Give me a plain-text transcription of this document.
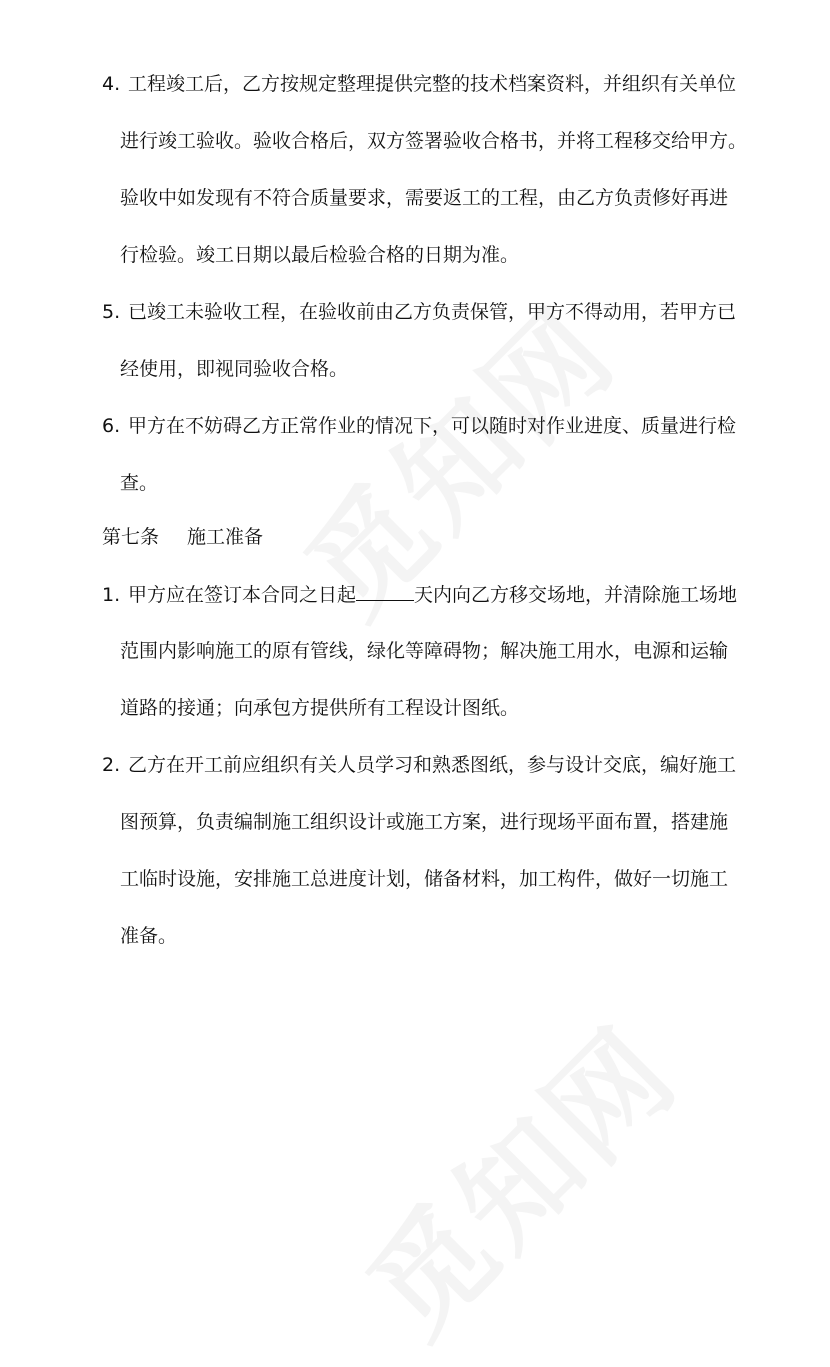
4. 工程竣工后，乙方按规定整理提供完整的技术档案资料，并组织有关单位
进行竣工验收。验收合格后，双方签署验收合格书，并将工程移交给甲方。
验收中如发现有不符合质量要求，需要返工的工程，由乙方负责修好再进
行检验。竣工日期以最后检验合格的日期为准。
5. 已竣工未验收工程，在验收前由乙方负责保管，甲方不得动用，若甲方已
经使用，即视同验收合格。
6. 甲方在不妨碍乙方正常作业的情况下，可以随时对作业进度、质量进行检
查。
第七条 施工准备
1. 甲方应在签订本合同之日起	天内向乙方移交场地，并清除施工场地
范围内影响施工的原有管线，绿化等障碍物；解决施工用水，电源和运输
道路的接通；向承包方提供所有工程设计图纸。
2. 乙方在开工前应组织有关人员学习和熟悉图纸，参与设计交底，编好施工
图预算，负责编制施工组织设计或施工方案，进行现场平面布置，搭建施
工临时设施，安排施工总进度计划，储备材料，加工构件，做好一切施工
准备。
